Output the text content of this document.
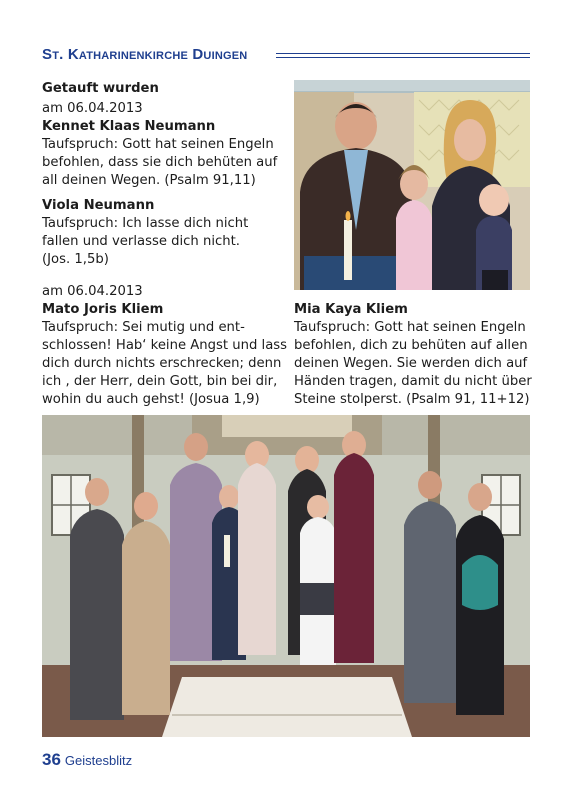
St. Katharinenkirche Duingen
Getauft wurden
am 06.04.2013
Kennet Klaas Neumann
Taufspruch: Gott hat seinen Engeln
befohlen, dass sie dich behüten auf
all deinen Wegen. (Psalm 91,11)
Viola Neumann
Taufspruch: Ich lasse dich nicht
fallen und verlasse dich nicht.
(Jos. 1,5b)
am 06.04.2013
Mato Joris Kliem
Taufspruch: Sei mutig und ent-
schlossen! Hab‘ keine Angst und lass
dich durch nichts erschrecken; denn
ich , der Herr, dein Gott, bin bei dir,
wohin du auch gehst! (Josua 1,9)
Mia Kaya Kliem
Taufspruch: Gott hat seinen Engeln
befohlen, dich zu behüten auf allen
deinen Wegen. Sie werden dich auf
Händen tragen, damit du nicht über
Steine stolperst. (Psalm 91, 11+12)
36 Geistesblitz
